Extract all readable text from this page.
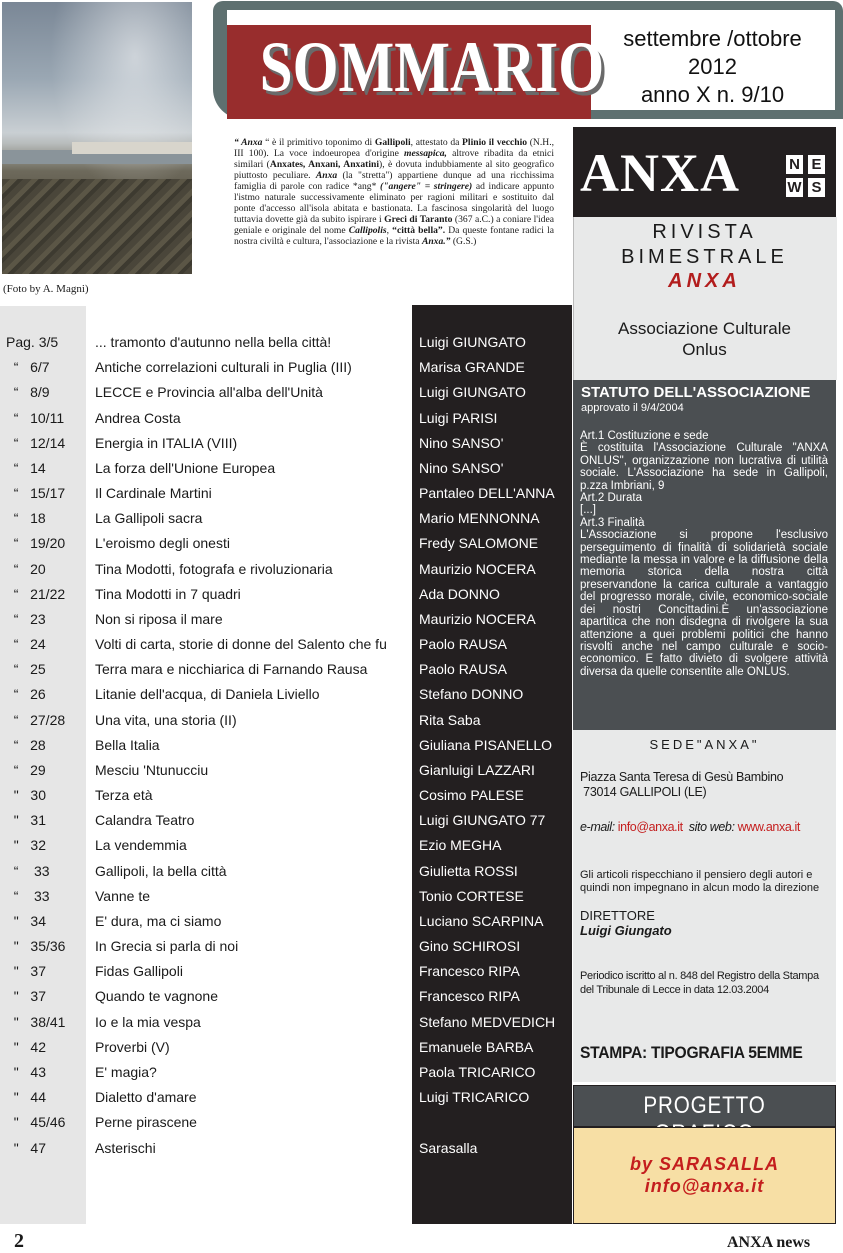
(Foto by A. Magni)
SOMMARIO settembre /ottobre
2012
anno X n. 9/10
“ Anxa “ è il primitivo toponimo di Gallipoli, attestato da Plinio il vecchio (N.H., III 100). La voce indoeuropea d'origine messapica, altrove ribadita da etnici similari (Anxates, Anxani, Anxatini), è dovuta indubbiamente al sito geografico piuttosto peculiare. Anxa (la "stretta") appartiene dunque ad una ricchissima famiglia di parole con radice *ang* ("angere" = stringere) ad indicare appunto l'istmo naturale successivamente eliminato per ragioni militari e sostituito dal ponte d'accesso all'isola abitata e bastionata. La fascinosa singolarità del luogo tuttavia dovette già da subito ispirare i Greci di Taranto (367 a.C.) a coniare l'idea geniale e originale del nome Callipolis, “città bella”. Da queste fontane radici la nostra civiltà e cultura, l'associazione e la rivista Anxa.” (G.S.)
ANXA	N E
W S
RIVISTA
BIMESTRALE
ANXA
Associazione Culturale
Onlus
STATUTO DELL'ASSOCIAZIONE
approvato il 9/4/2004

Art.1 Costituzione e sede

È costituita l'Associazione Culturale "ANXA ONLUS", organizzazione non lucrativa di utilità sociale. L'Associazione ha sede in Gallipoli, p.zza Imbriani, 9

Art.2 Durata

[...]

Art.3 Finalità

L'Associazione si propone l'esclusivo perseguimento di finalità di solidarietà sociale mediante la messa in valore e la diffusione della memoria storica della nostra città preservandone la carica culturale a vantaggio del progresso morale, civile, economico-sociale dei nostri Concittadini.È un'associazione apartitica che non disdegna di rivolgere la sua attenzione a quei problemi politici che hanno risvolti anche nel campo culturale e socio-economico. E fatto divieto di svolgere attività diversa da quelle consentite alle ONLUS.

SEDE"ANXA"
Piazza Santa Teresa di Gesù Bambino
73014 GALLIPOLI (LE)
e-mail: info@anxa.it  sito web: www.anxa.it
Gli articoli rispecchiano il pensiero degli autori e quindi non impegnano in alcun modo la direzione
DIRETTORE
Luigi Giungato
Periodico iscritto al n. 848 del Registro della Stampa del Tribunale di Lecce in data 12.03.2004
STAMPA: TIPOGRAFIA 5EMME
PROGETTO
by SARASALLA
info@anxa.it
Pag. 3/5	... tramonto d'autunno nella bella città!	Luigi GIUNGATO
“   6/7	Antiche correlazioni culturali in Puglia (III)	Marisa GRANDE
“   8/9	LECCE e Provincia all'alba dell'Unità	Luigi GIUNGATO
“   10/11 Andrea Costa	Luigi PARISI
“   12/14 Energia in ITALIA (VIII)	Nino SANSO'
“   14	La forza dell'Unione Europea	Nino SANSO'
“   15/17 Il Cardinale Martini	Pantaleo DELL'ANNA
“   18	La Gallipoli sacra	Mario MENNONNA
“   19/20 L'eroismo degli onesti	Fredy SALOMONE
“   20	Tina Modotti, fotografa e rivoluzionaria	Maurizio NOCERA
“   21/22 Tina Modotti in 7 quadri	Ada DONNO
“   23	Non si riposa il mare	Maurizio NOCERA
“   24	Volti di carta, storie di donne del Salento che fu Paolo RAUSA
“   25	Terra mara e nicchiarica di Farnando Rausa	Paolo RAUSA
“   26	Litanie dell'acqua, di Daniela Liviello	Stefano DONNO
“   27/28 Una vita, una storia (II)	Rita Saba
“   28	Bella Italia	Giuliana PISANELLO
“   29	Mesciu 'Ntunucciu	Gianluigi LAZZARI
"   30	Terza età	Cosimo PALESE
"   31	Calandra Teatro	Luigi GIUNGATO 77
"   32	La vendemmia	Ezio MEGHA
“    33	Gallipoli, la bella città	Giulietta ROSSI
“    33	Vanne te	Tonio CORTESE
"   34	E' dura, ma ci siamo	Luciano SCARPINA
"   35/36 In Grecia si parla di noi	Gino SCHIROSI
"   37	Fidas Gallipoli	Francesco RIPA
"   37	Quando te vagnone	Francesco RIPA
"   38/41 Io e la mia vespa	Stefano MEDVEDICH
"   42	Proverbi (V)	Emanuele BARBA
"   43	E' magia?	Paola TRICARICO
"   44	Dialetto d'amare	Luigi TRICARICO
"   45/46 Perne pirascene
"   47	Asterischi	Sarasalla
2	ANXA news
